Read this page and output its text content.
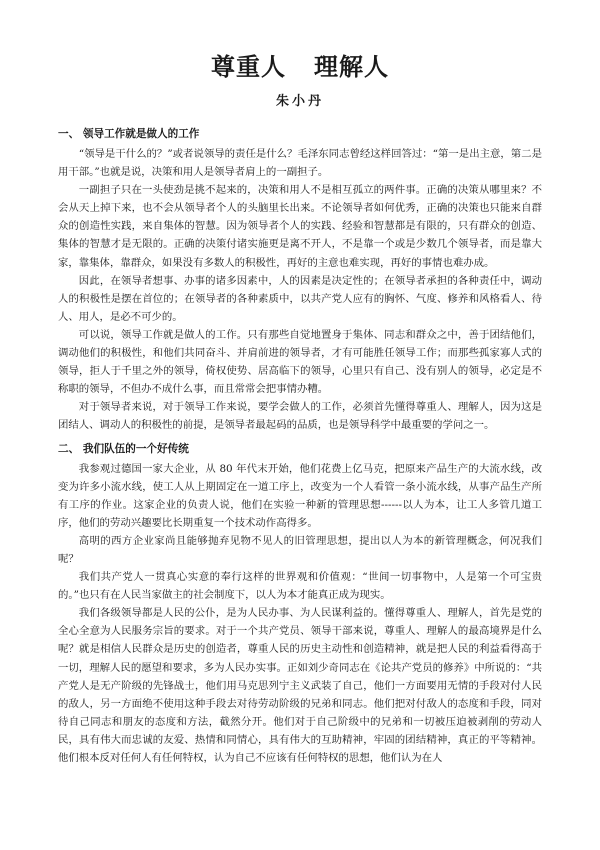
尊重人   理解人
朱小丹
一、 领导工作就是做人的工作

“领导是干什么的？”或者说领导的责任是什么？毛泽东同志曾经这样回答过：“第一是出主意，第二是用干部。”也就是说，决策和用人是领导者肩上的一副担子。

一副担子只在一头使劲是挑不起来的，决策和用人不是相互孤立的两件事。正确的决策从哪里来？不会从天上掉下来，也不会从领导者个人的头脑里长出来。不论领导者如何优秀，正确的决策也只能来自群众的创造性实践，来自集体的智慧。因为领导者个人的实践、经验和智慧都是有限的，只有群众的创造、集体的智慧才是无限的。正确的决策付诸实施更是离不开人，不是靠一个或是少数几个领导者，而是靠大家，靠集体，靠群众，如果没有多数人的积极性，再好的主意也难实现，再好的事情也难办成。

因此，在领导者想事、办事的诸多因素中，人的因素是决定性的；在领导者承担的各种责任中，调动人的积极性是摆在首位的；在领导者的各种素质中，以共产党人应有的胸怀、气度、修养和风格看人、待人、用人，是必不可少的。

可以说，领导工作就是做人的工作。只有那些自觉地置身于集体、同志和群众之中，善于团结他们，调动他们的积极性，和他们共同奋斗、并肩前进的领导者，才有可能胜任领导工作；而那些孤家寡人式的领导，拒人于千里之外的领导，倚权使势、居高临下的领导，心里只有自己、没有别人的领导，必定是不称职的领导，不但办不成什么事，而且常常会把事情办糟。

对于领导者来说，对于领导工作来说，要学会做人的工作，必须首先懂得尊重人、理解人，因为这是团结人、调动人的积极性的前提，是领导者最起码的品质，也是领导科学中最重要的学问之一。

二、 我们队伍的一个好传统

我参观过德国一家大企业，从 80 年代末开始，他们花费上亿马克，把原来产品生产的大流水线，改变为许多小流水线，使工人从上期固定在一道工序上，改变为一个人看管一条小流水线，从事产品生产所有工序的作业。这家企业的负责人说，他们在实验一种新的管理思想------以人为本，让工人多管几道工序，他们的劳动兴趣要比长期重复一个技术动作高得多。

高明的西方企业家尚且能够抛弃见物不见人的旧管理思想，提出以人为本的新管理概念，何况我们呢？

我们共产党人一贯真心实意的奉行这样的世界观和价值观：“世间一切事物中，人是第一个可宝贵的。”也只有在人民当家做主的社会制度下，以人为本才能真正成为现实。

我们各级领导都是人民的公仆，是为人民办事、为人民谋利益的。懂得尊重人、理解人，首先是党的全心全意为人民服务宗旨的要求。对于一个共产党员、领导干部来说，尊重人、理解人的最高境界是什么呢？就是相信人民群众是历史的创造者，尊重人民的历史主动性和创造精神，就是把人民的利益看得高于一切，理解人民的愿望和要求，多为人民办实事。正如刘少奇同志在《论共产党员的修养》中所说的：“共产党人是无产阶级的先锋战士，他们用马克思列宁主义武装了自己，他们一方面要用无情的手段对付人民的敌人，另一方面绝不使用这种手段去对待劳动阶级的兄弟和同志。他们把对付敌人的态度和手段，同对待自己同志和朋友的态度和方法，截然分开。他们对于自己阶级中的兄弟和一切被压迫被剥削的劳动人民，具有伟大而忠诚的友爱、热情和同情心，具有伟大的互助精神，牢固的团结精神，真正的平等精神。他们根本反对任何人有任何特权，认为自己不应该有任何特权的思想，他们认为在人
